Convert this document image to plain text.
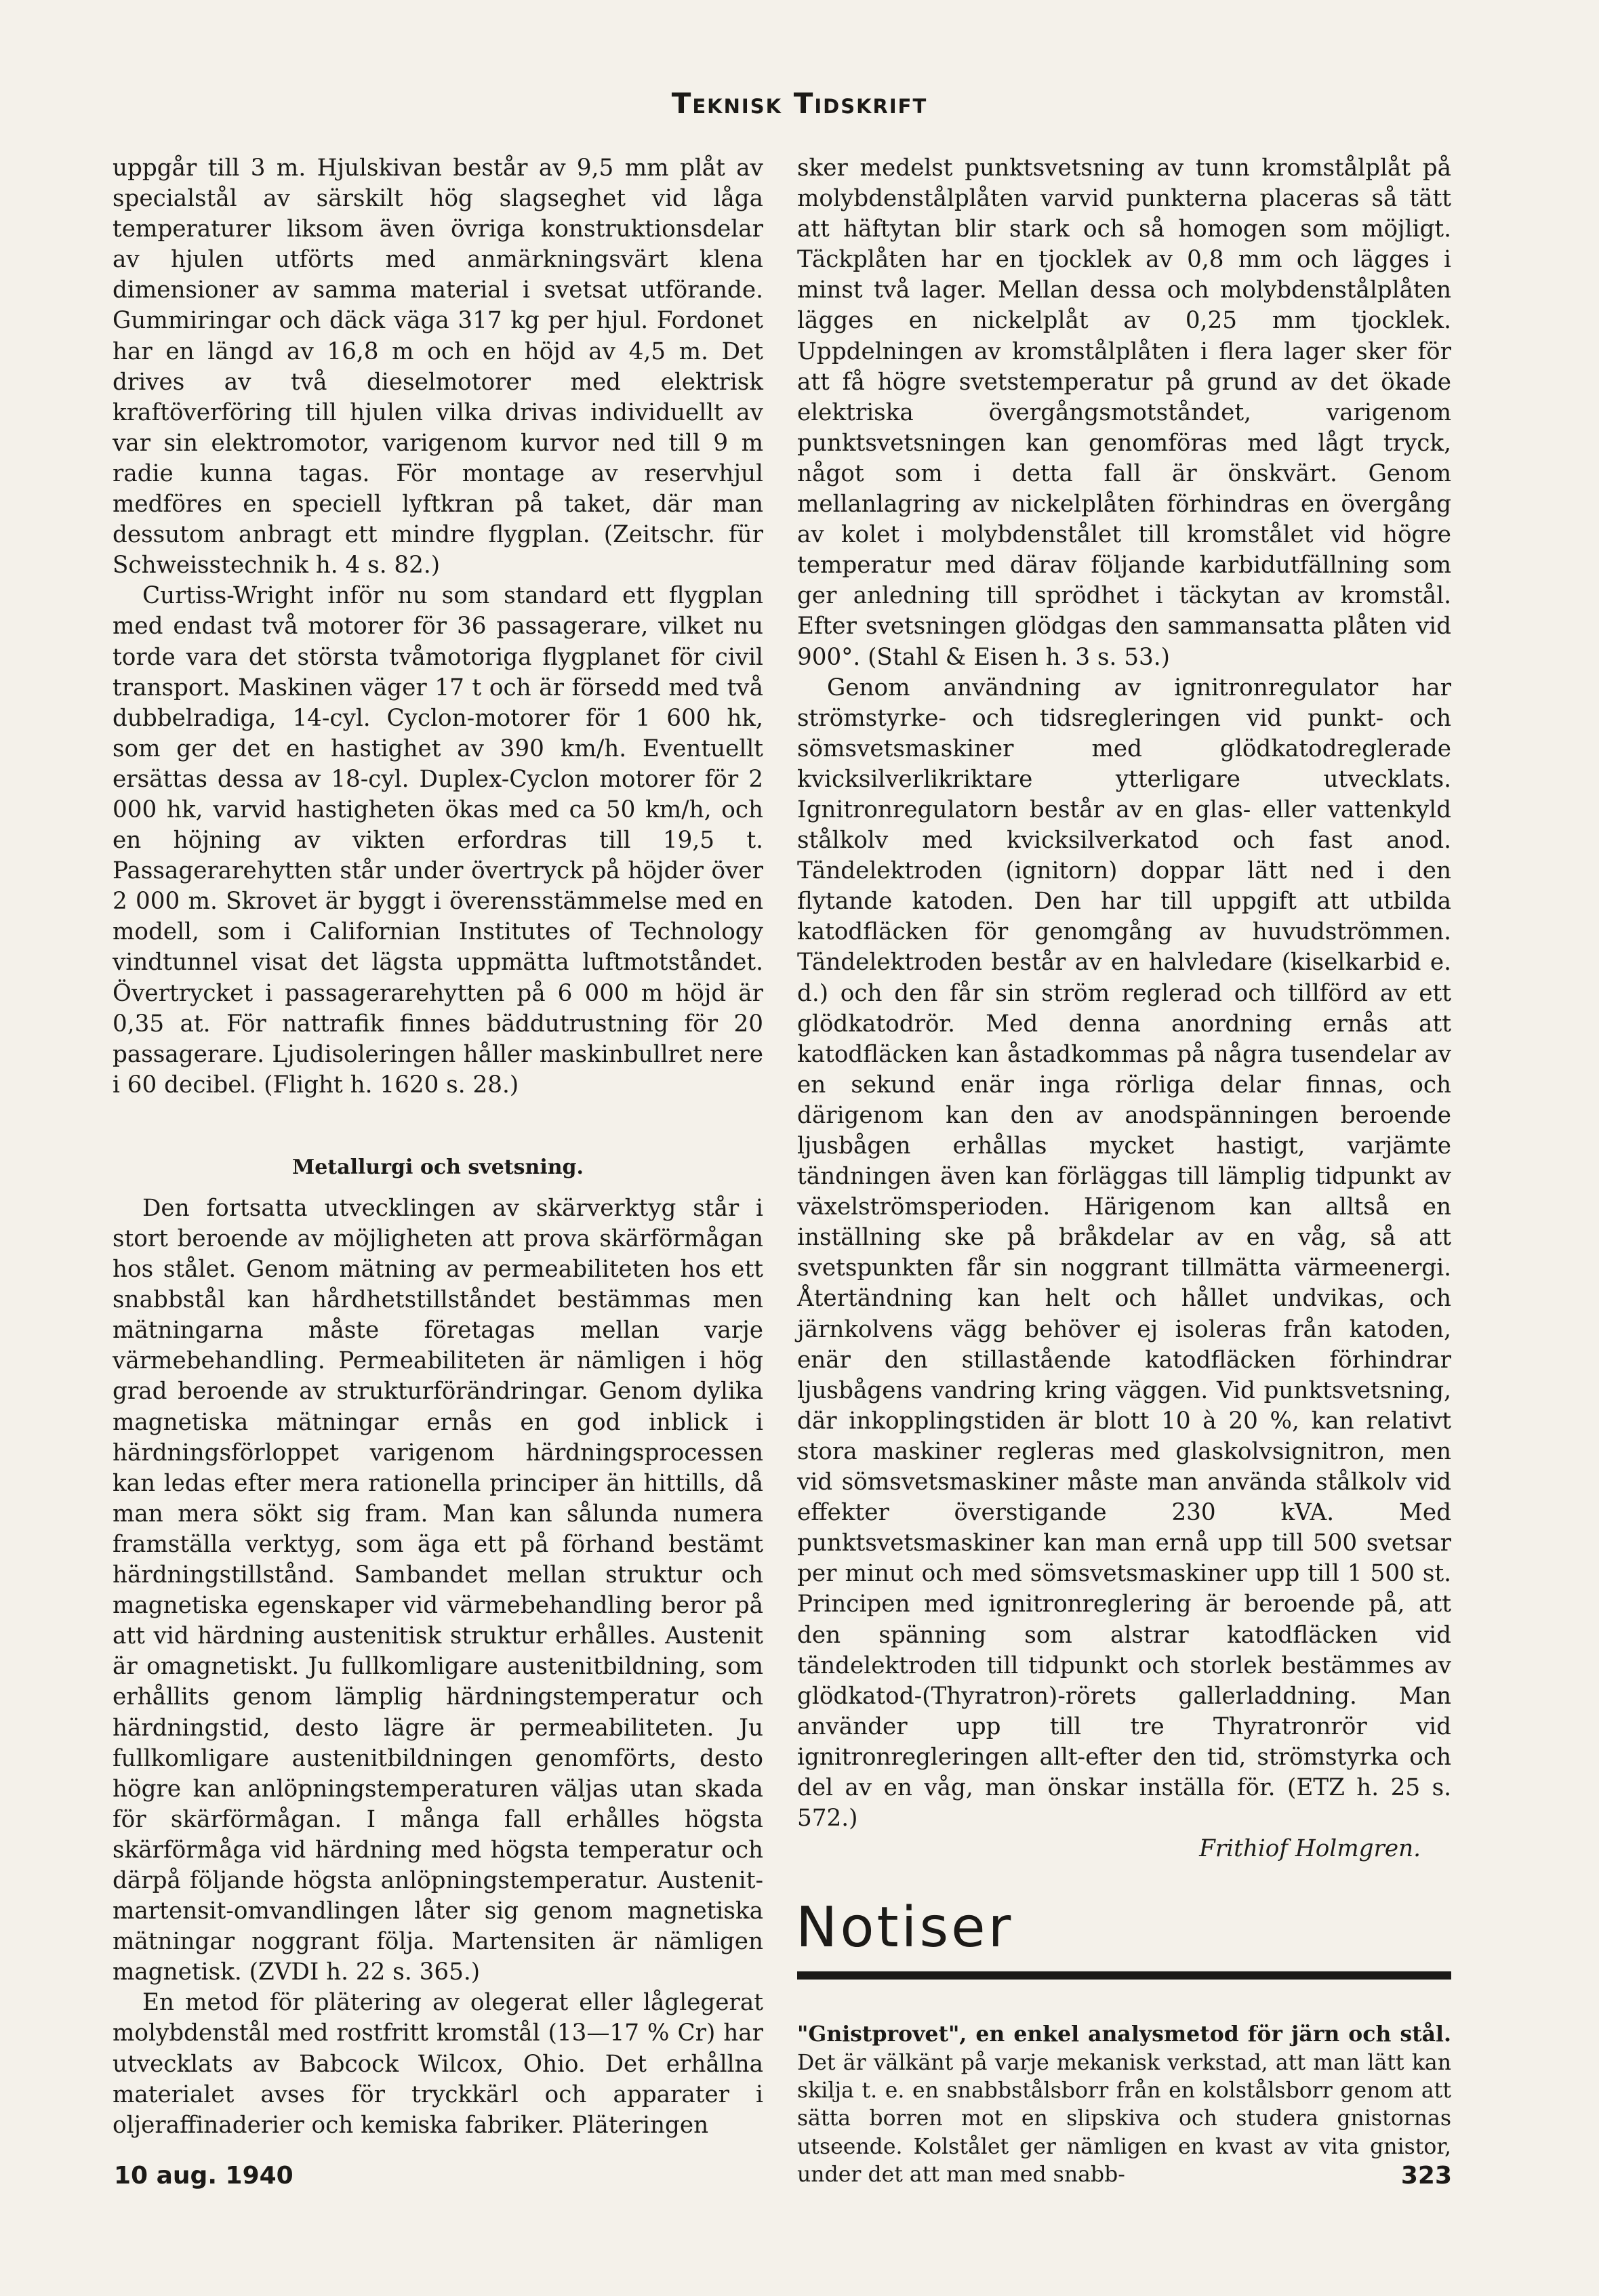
Teknisk Tidskrift

uppgår till 3 m. Hjulskivan består av 9,5 mm plåt av specialstål av särskilt hög slagseghet vid låga temperaturer liksom även övriga konstruktionsdelar av hjulen utförts med anmärkningsvärt klena dimensioner av samma material i svetsat utförande. Gummiringar och däck väga 317 kg per hjul. Fordonet har en längd av 16,8 m och en höjd av 4,5 m. Det drives av två dieselmotorer med elektrisk kraftöverföring till hjulen vilka drivas individuellt av var sin elektromotor, varigenom kurvor ned till 9 m radie kunna tagas. För montage av reservhjul medföres en speciell lyftkran på taket, där man dessutom anbragt ett mindre flygplan. (Zeitschr. für Schweisstechnik h. 4 s. 82.)

Curtiss-Wright inför nu som standard ett flygplan med endast två motorer för 36 passagerare, vilket nu torde vara det största tvåmotoriga flygplanet för civil transport. Maskinen väger 17 t och är försedd med två dubbelradiga, 14-cyl. Cyclon-motorer för 1 600 hk, som ger det en hastighet av 390 km/h. Eventuellt ersättas dessa av 18-cyl. Duplex-Cyclon motorer för 2 000 hk, varvid hastigheten ökas med ca 50 km/h, och en höjning av vikten erfordras till 19,5 t. Passagerarehytten står under övertryck på höjder över 2 000 m. Skrovet är byggt i överensstämmelse med en modell, som i Californian Institutes of Technology vindtunnel visat det lägsta uppmätta luftmotståndet. Övertrycket i passagerarehytten på 6 000 m höjd är 0,35 at. För nattrafik finnes bäddutrustning för 20 passagerare. Ljudisoleringen håller maskinbullret nere i 60 decibel. (Flight h. 1620 s. 28.)

Metallurgi och svetsning.

Den fortsatta utvecklingen av skärverktyg står i stort beroende av möjligheten att prova skärförmågan hos stålet. Genom mätning av permeabiliteten hos ett snabbstål kan hårdhetstillståndet bestämmas men mätningarna måste företagas mellan varje värmebehandling. Permeabiliteten är nämligen i hög grad beroende av strukturförändringar. Genom dylika magnetiska mätningar ernås en god inblick i härdningsförloppet varigenom härdningsprocessen kan ledas efter mera rationella principer än hittills, då man mera sökt sig fram. Man kan sålunda numera framställa verktyg, som äga ett på förhand bestämt härdningstillstånd. Sambandet mellan struktur och magnetiska egenskaper vid värmebehandling beror på att vid härdning austenitisk struktur erhålles. Austenit är omagnetiskt. Ju fullkomligare austenitbildning, som erhållits genom lämplig härdningstemperatur och härdningstid, desto lägre är permeabiliteten. Ju fullkomligare austenitbildningen genomförts, desto högre kan anlöpningstemperaturen väljas utan skada för skärförmågan. I många fall erhålles högsta skärförmåga vid härdning med högsta temperatur och därpå följande högsta anlöpningstemperatur. Austenit-martensit-omvandlingen låter sig genom magnetiska mätningar noggrant följa. Martensiten är nämligen magnetisk. (ZVDI h. 22 s. 365.)

En metod för plätering av olegerat eller låglegerat molybdenstål med rostfritt kromstål (13—17 % Cr) har utvecklats av Babcock Wilcox, Ohio. Det erhållna materialet avses för tryckkärl och apparater i oljeraffinaderier och kemiska fabriker. Pläteringen

sker medelst punktsvetsning av tunn kromstålplåt på molybdenstålplåten varvid punkterna placeras så tätt att häftytan blir stark och så homogen som möjligt. Täckplåten har en tjocklek av 0,8 mm och lägges i minst två lager. Mellan dessa och molybdenstålplåten lägges en nickelplåt av 0,25 mm tjocklek. Uppdelningen av kromstålplåten i flera lager sker för att få högre svetstemperatur på grund av det ökade elektriska övergångsmotståndet, varigenom punktsvetsningen kan genomföras med lågt tryck, något som i detta fall är önskvärt. Genom mellanlagring av nickelplåten förhindras en övergång av kolet i molybdenstålet till kromstålet vid högre temperatur med därav följande karbidutfällning som ger anledning till sprödhet i täckytan av kromstål. Efter svetsningen glödgas den sammansatta plåten vid 900°. (Stahl & Eisen h. 3 s. 53.)

Genom användning av ignitronregulator har strömstyrke- och tidsregleringen vid punkt- och sömsvetsmaskiner med glödkatodreglerade kvicksilverlikriktare ytterligare utvecklats. Ignitronregulatorn består av en glas- eller vattenkyld stålkolv med kvicksilverkatod och fast anod. Tändelektroden (ignitorn) doppar lätt ned i den flytande katoden. Den har till uppgift att utbilda katodfläcken för genomgång av huvudströmmen. Tändelektroden består av en halvledare (kiselkarbid e. d.) och den får sin ström reglerad och tillförd av ett glödkatodrör. Med denna anordning ernås att katodfläcken kan åstadkommas på några tusendelar av en sekund enär inga rörliga delar finnas, och därigenom kan den av anodspänningen beroende ljusbågen erhållas mycket hastigt, varjämte tändningen även kan förläggas till lämplig tidpunkt av växelströmsperioden. Härigenom kan alltså en inställning ske på bråkdelar av en våg, så att svetspunkten får sin noggrant tillmätta värmeenergi. Återtändning kan helt och hållet undvikas, och järnkolvens vägg behöver ej isoleras från katoden, enär den stillastående katodfläcken förhindrar ljusbågens vandring kring väggen. Vid punktsvetsning, där inkopplingstiden är blott 10 à 20 %, kan relativt stora maskiner regleras med glaskolvsignitron, men vid sömsvetsmaskiner måste man använda stålkolv vid effekter överstigande 230 kVA. Med punktsvetsmaskiner kan man ernå upp till 500 svetsar per minut och med sömsvetsmaskiner upp till 1 500 st. Principen med ignitronreglering är beroende på, att den spänning som alstrar katodfläcken vid tändelektroden till tidpunkt och storlek bestämmes av glödkatod-(Thyratron)-rörets gallerladdning. Man använder upp till tre Thyratronrör vid ignitronregleringen allt-efter den tid, strömstyrka och del av en våg, man önskar inställa för. (ETZ h. 25 s. 572.)

Frithiof Holmgren.
Notiser
"Gnistprovet", en enkel analysmetod för järn och stål. Det är välkänt på varje mekanisk verkstad, att man lätt kan skilja t. e. en snabbstålsborr från en kolstålsborr genom att sätta borren mot en slipskiva och studera gnistornas utseende. Kolstålet ger nämligen en kvast av vita gnistor, under det att man med snabb-
10 aug. 1940	323
